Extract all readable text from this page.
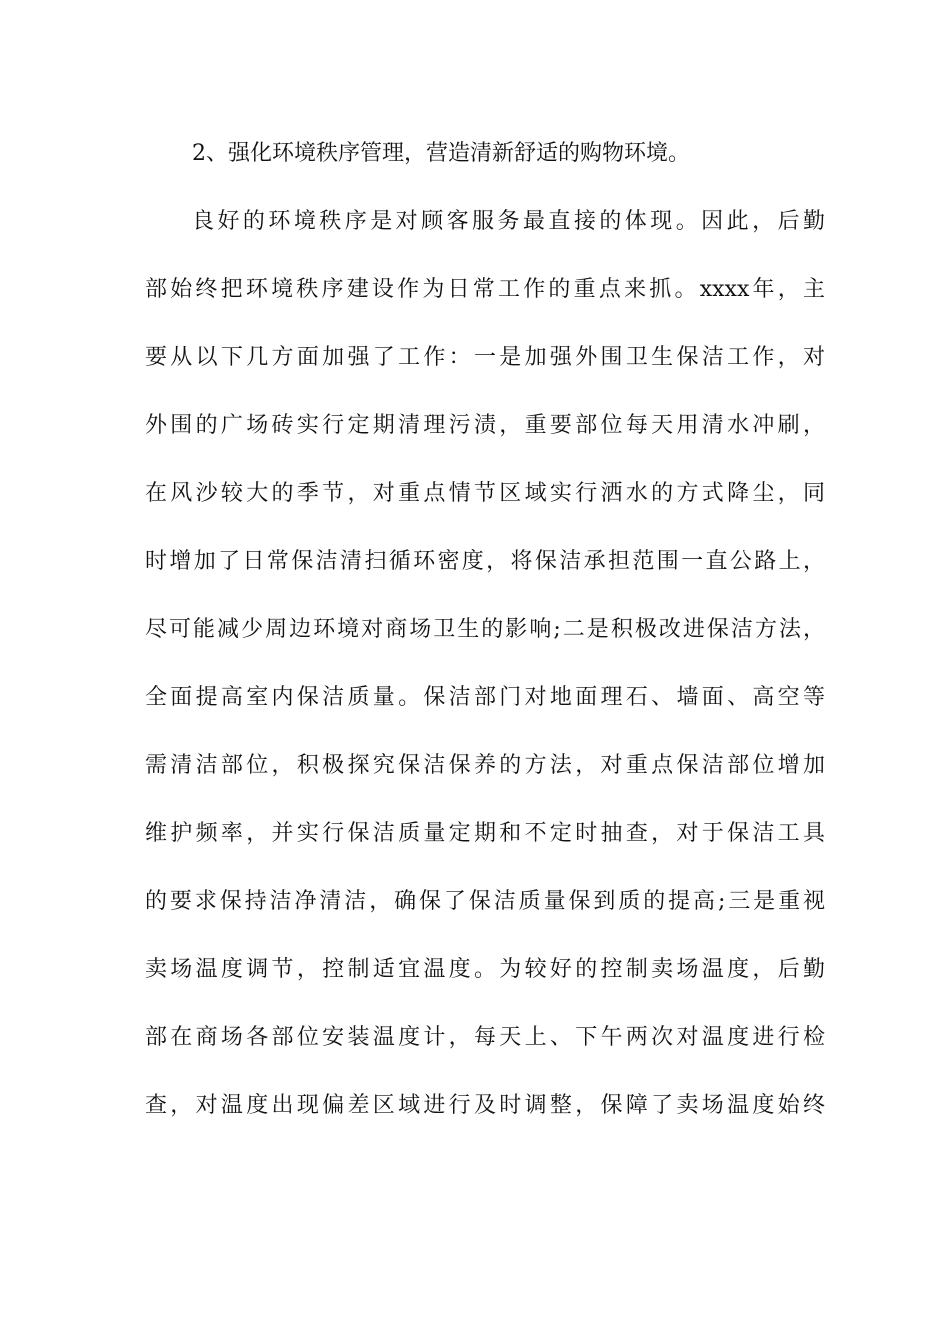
2、强化环境秩序管理，营造清新舒适的购物环境。
良好的环境秩序是对顾客服务最直接的体现。因此，后勤
部始终把环境秩序建设作为日常工作的重点来抓。xxxx年，主
要从以下几方面加强了工作：一是加强外围卫生保洁工作，对
外围的广场砖实行定期清理污渍，重要部位每天用清水冲刷，
在风沙较大的季节，对重点情节区域实行洒水的方式降尘，同
时增加了日常保洁清扫循环密度，将保洁承担范围一直公路上，
尽可能减少周边环境对商场卫生的影响;二是积极改进保洁方法，
全面提高室内保洁质量。保洁部门对地面理石、墙面、高空等
需清洁部位，积极探究保洁保养的方法，对重点保洁部位增加
维护频率，并实行保洁质量定期和不定时抽查，对于保洁工具
的要求保持洁净清洁，确保了保洁质量保到质的提高;三是重视
卖场温度调节，控制适宜温度。为较好的控制卖场温度，后勤
部在商场各部位安装温度计，每天上、下午两次对温度进行检
查，对温度出现偏差区域进行及时调整，保障了卖场温度始终
